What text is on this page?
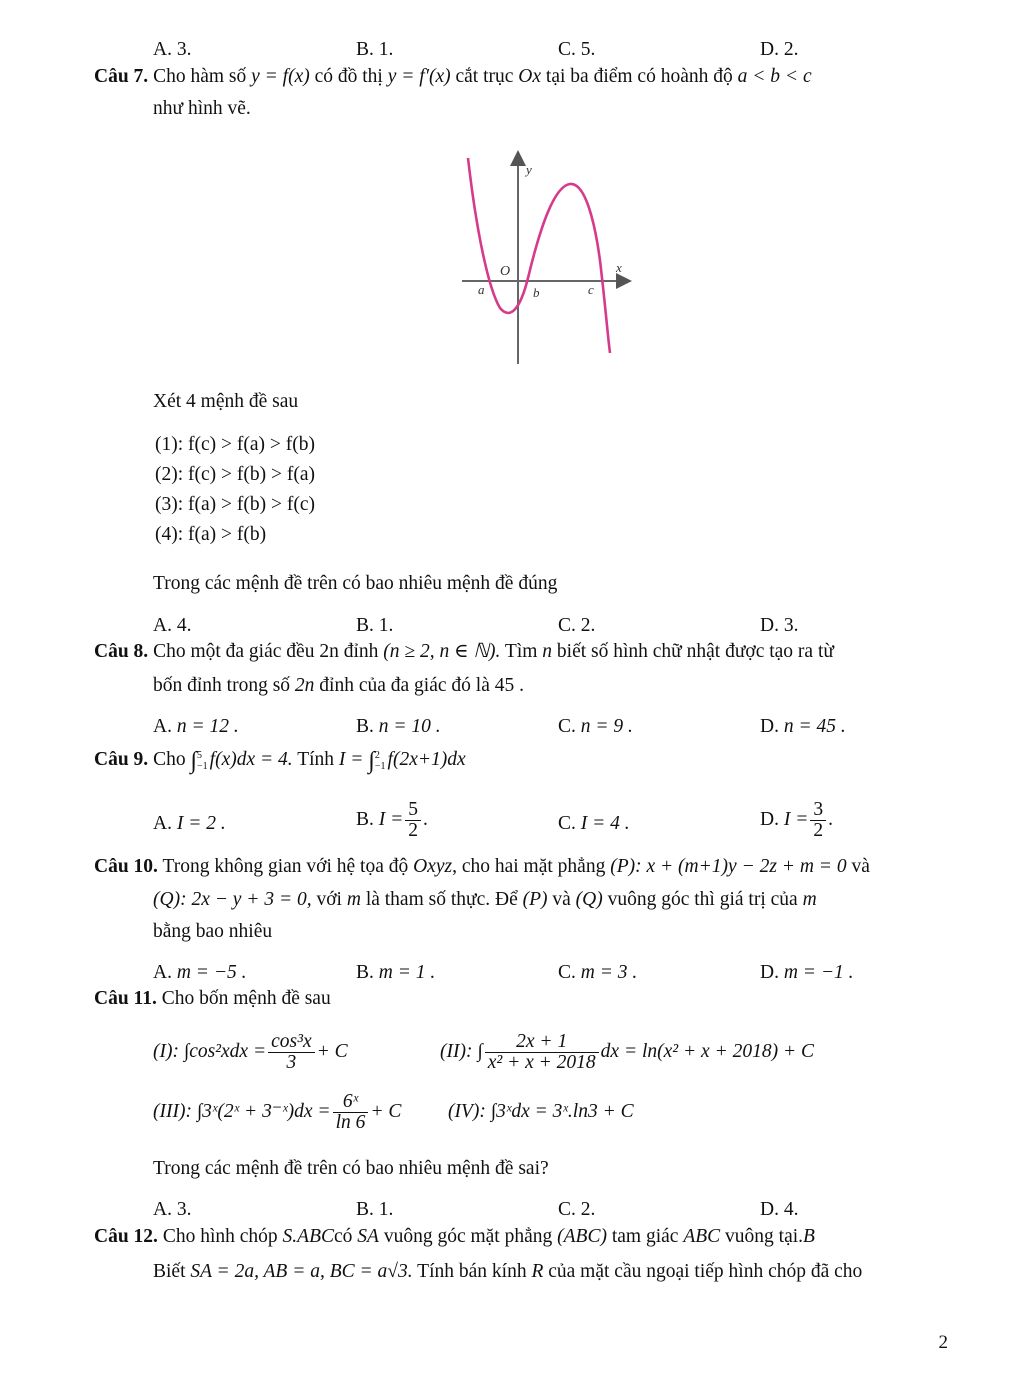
A. 3.	B. 1.	C. 5.	D. 2.
Câu 7. Cho hàm số y = f(x) có đồ thị y = f′(x) cắt trục Ox tại ba điểm có hoành độ a < b < c
như hình vẽ.
y
x
O
a	b	c
Xét 4 mệnh đề sau
(1): f(c) > f(a) > f(b)
(2): f(c) > f(b) > f(a)
(3): f(a) > f(b) > f(c)
(4): f(a) > f(b)
Trong các mệnh đề trên có bao nhiêu mệnh đề đúng
A. 4.	B. 1.	C. 2.	D. 3.
Câu 8. Cho một đa giác đều 2n đỉnh (n ≥ 2, n ∈ ℕ). Tìm n biết số hình chữ nhật được tạo ra từ
bốn đỉnh trong số 2n đỉnh của đa giác đó là 45 .
A. n = 12 .	B. n = 10 .	C. n = 9 .	D. n = 45 .
Câu 9. Cho ∫ 5
−1 f(x)dx = 4. Tính I = ∫ 2
−1 f(2x+1)dx
A. I = 2 .	B. $I = \frac{5}{2}$ .	C. I = 4 .	D. $I = \frac{3}{2}$ .
Câu 10. Trong không gian với hệ tọa độ Oxyz, cho hai mặt phẳng (P): x + (m+1)y − 2z + m = 0 và
(Q): 2x − y + 3 = 0, với m là tham số thực. Để (P) và (Q) vuông góc thì giá trị của m
bằng bao nhiêu
A. m = −5 .	B. m = 1 .	C. m = 3 .	D. m = −1 .
Câu 11. Cho bốn mệnh đề sau
(I): $\int\cos^2xdx = \frac{\text{cos³x}}{3} + C$	(II): ∫ $\frac{2x + 1}{\text{x² + x + 2018}}$ dx = ln(x² + x + 2018) + C
(III): ∫3ˣ(2ˣ + 3⁻ˣ)dx = $\frac{\text{6ˣ}}{\ln 6} + C$ (IV): ∫3ˣdx = 3ˣ.ln3 + C
Trong các mệnh đề trên có bao nhiêu mệnh đề sai?
A. 3.	B. 1.	C. 2.	D. 4.
Câu 12. Cho hình chóp S.ABCcó SA vuông góc mặt phẳng (ABC) tam giác ABC vuông tại.B
Biết SA = 2a, AB = a, BC = a√3. Tính bán kính R của mặt cầu ngoại tiếp hình chóp đã cho
2
